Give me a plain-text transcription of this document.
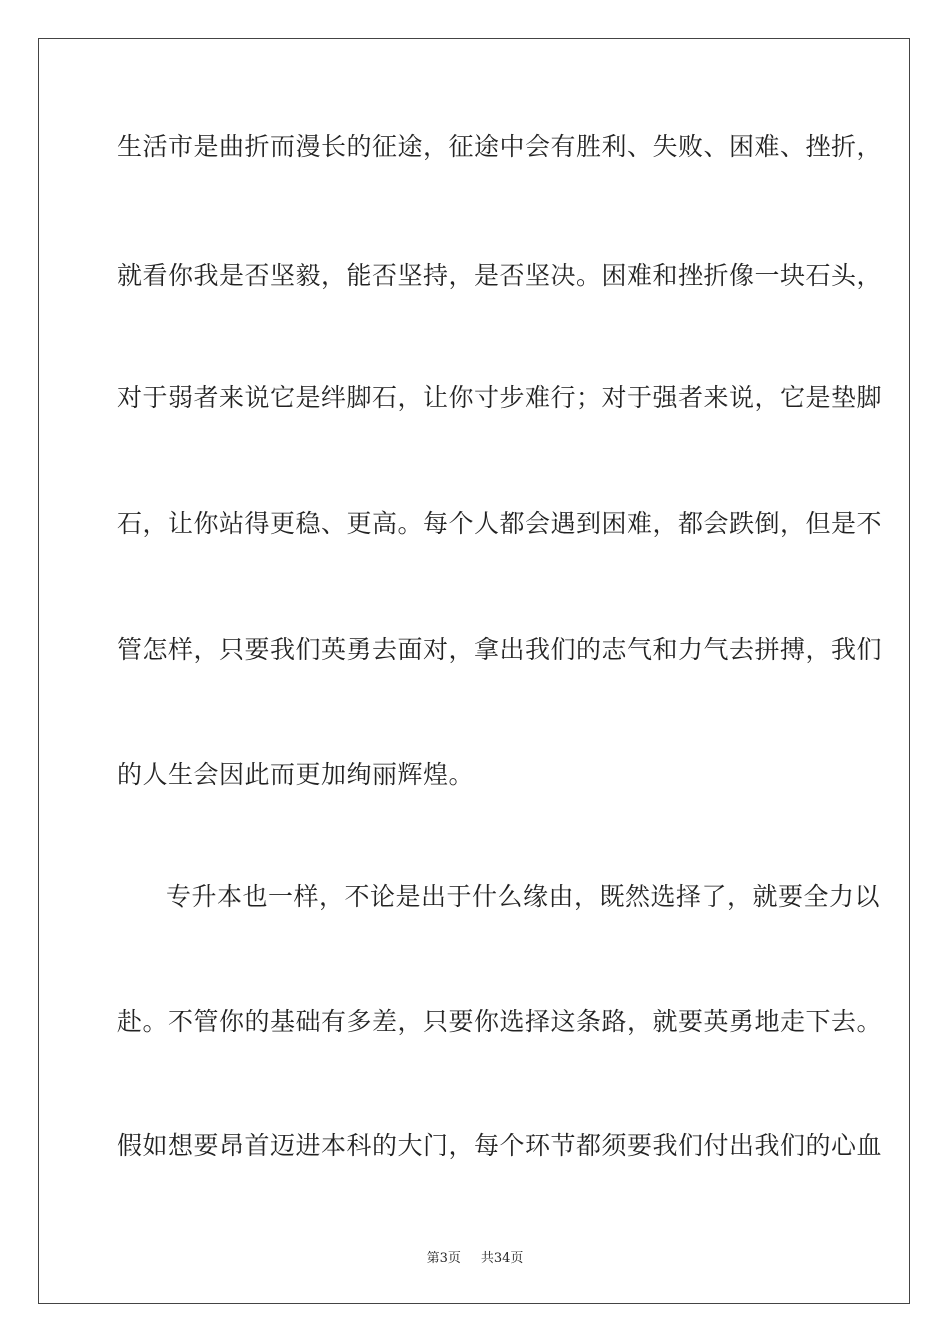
生活市是曲折而漫长的征途，征途中会有胜利、失败、困难、挫折，
就看你我是否坚毅，能否坚持，是否坚决。困难和挫折像一块石头，
对于弱者来说它是绊脚石，让你寸步难行；对于强者来说，它是垫脚
石，让你站得更稳、更高。每个人都会遇到困难，都会跌倒，但是不
管怎样，只要我们英勇去面对，拿出我们的志气和力气去拼搏，我们
的人生会因此而更加绚丽辉煌。
专升本也一样，不论是出于什么缘由，既然选择了，就要全力以
赴。不管你的基础有多差，只要你选择这条路，就要英勇地走下去。
假如想要昂首迈进本科的大门，每个环节都须要我们付出我们的心血
第3页 共34页
